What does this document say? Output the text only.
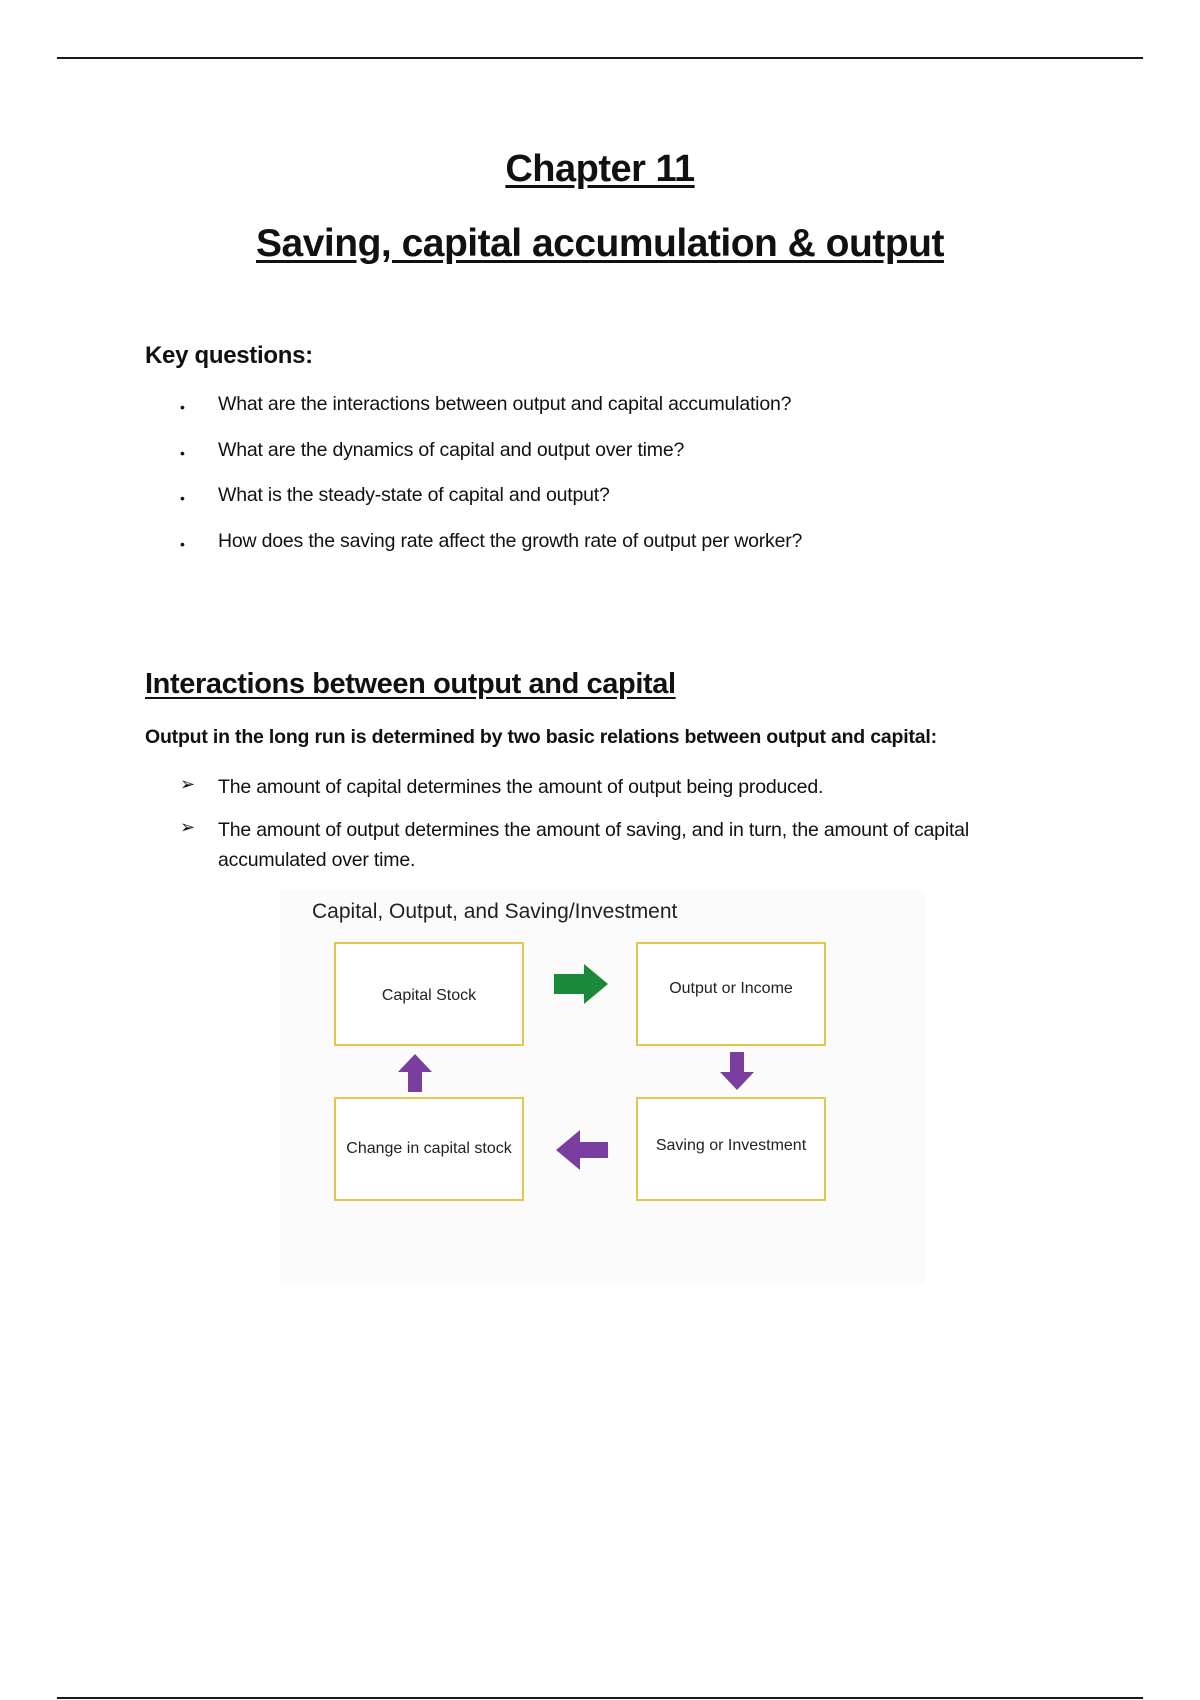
Chapter 11
Saving, capital accumulation & output
Key questions:
•	What are the interactions between output and capital accumulation?
•	What are the dynamics of capital and output over time?
•	What is the steady-state of capital and output?
•	How does the saving rate affect the growth rate of output per worker?
Interactions between output and capital
Output in the long run is determined by two basic relations between output and capital:
➢ The amount of capital determines the amount of output being produced.
➢ The amount of output determines the amount of saving, and in turn, the amount of capital accumulated over time.
Capital, Output, and Saving/Investment
Capital Stock	Output or Income
Change in capital stock	Saving or Investment
